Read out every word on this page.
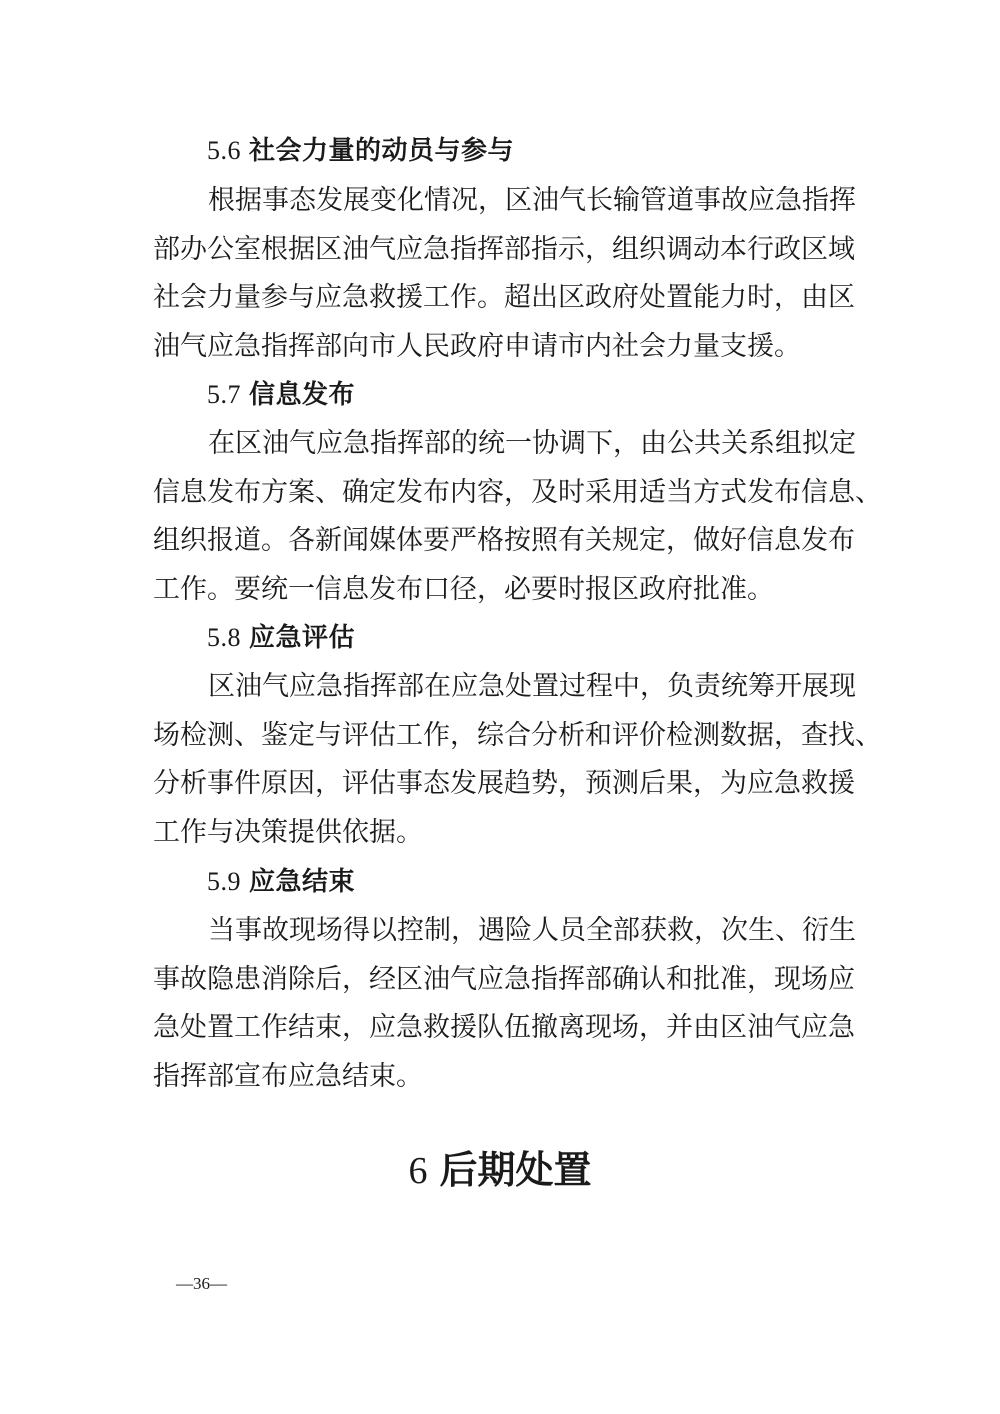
5.6 社会力量的动员与参与
根据事态发展变化情况，区油气长输管道事故应急指挥
部办公室根据区油气应急指挥部指示，组织调动本行政区域
社会力量参与应急救援工作。超出区政府处置能力时，由区
油气应急指挥部向市人民政府申请市内社会力量支援。
5.7 信息发布
在区油气应急指挥部的统一协调下，由公共关系组拟定
信息发布方案、确定发布内容，及时采用适当方式发布信息、
组织报道。各新闻媒体要严格按照有关规定，做好信息发布
工作。要统一信息发布口径，必要时报区政府批准。
5.8 应急评估
区油气应急指挥部在应急处置过程中，负责统筹开展现
场检测、鉴定与评估工作，综合分析和评价检测数据，查找、
分析事件原因，评估事态发展趋势，预测后果，为应急救援
工作与决策提供依据。
5.9 应急结束
当事故现场得以控制，遇险人员全部获救，次生、衍生
事故隐患消除后，经区油气应急指挥部确认和批准，现场应
急处置工作结束，应急救援队伍撤离现场，并由区油气应急
指挥部宣布应急结束。
6 后期处置
—36—
